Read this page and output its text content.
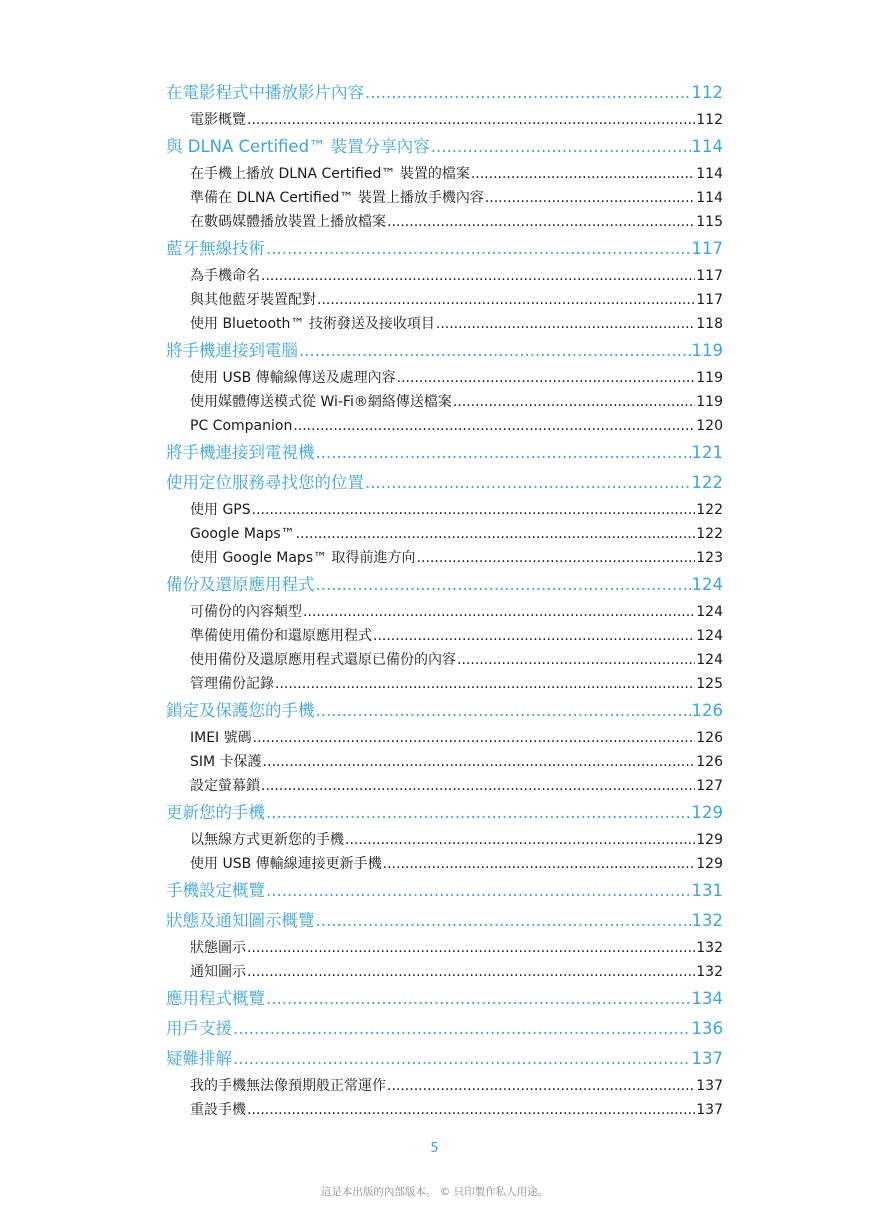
在電影程式中播放影片內容 .....	112
電影概覽 .....	112
與 DLNA Certified™ 裝置分享內容 .....	114
在手機上播放 DLNA Certified™ 裝置的檔案 .....	114
準備在 DLNA Certified™ 裝置上播放手機內容 .....	114
在數碼媒體播放裝置上播放檔案 .....	115
藍牙無線技術 .....	117
為手機命名 .....	117
與其他藍牙裝置配對 .....	117
使用 Bluetooth™ 技術發送及接收項目 .....	118
將手機連接到電腦 .....	119
使用 USB 傳輸線傳送及處理內容 .....	119
使用媒體傳送模式從 Wi-Fi®網絡傳送檔案 .....	119
PC Companion .....	120
將手機連接到電視機 .....	121
使用定位服務尋找您的位置 .....	122
使用 GPS .....	122
Google Maps™ .....	122
使用 Google Maps™ 取得前進方向 .....	123
備份及還原應用程式 .....	124
可備份的內容類型 .....	124
準備使用備份和還原應用程式 .....	124
使用備份及還原應用程式還原已備份的內容 .....	124
管理備份記錄 .....	125
鎖定及保護您的手機 .....	126
IMEI 號碼 .....	126
SIM 卡保護 .....	126
設定螢幕鎖 .....	127
更新您的手機 .....	129
以無線方式更新您的手機 .....	129
使用 USB 傳輸線連接更新手機 .....	129
手機設定概覽 .....	131
狀態及通知圖示概覽 .....	132
狀態圖示 .....	132
通知圖示 .....	132
應用程式概覽 .....	134
用戶支援 .....	136
疑難排解 .....	137
我的手機無法像預期般正常運作 .....	137
重設手機 .....	137
5
這是本出版的內部版本。 © 只印製作私人用途。
